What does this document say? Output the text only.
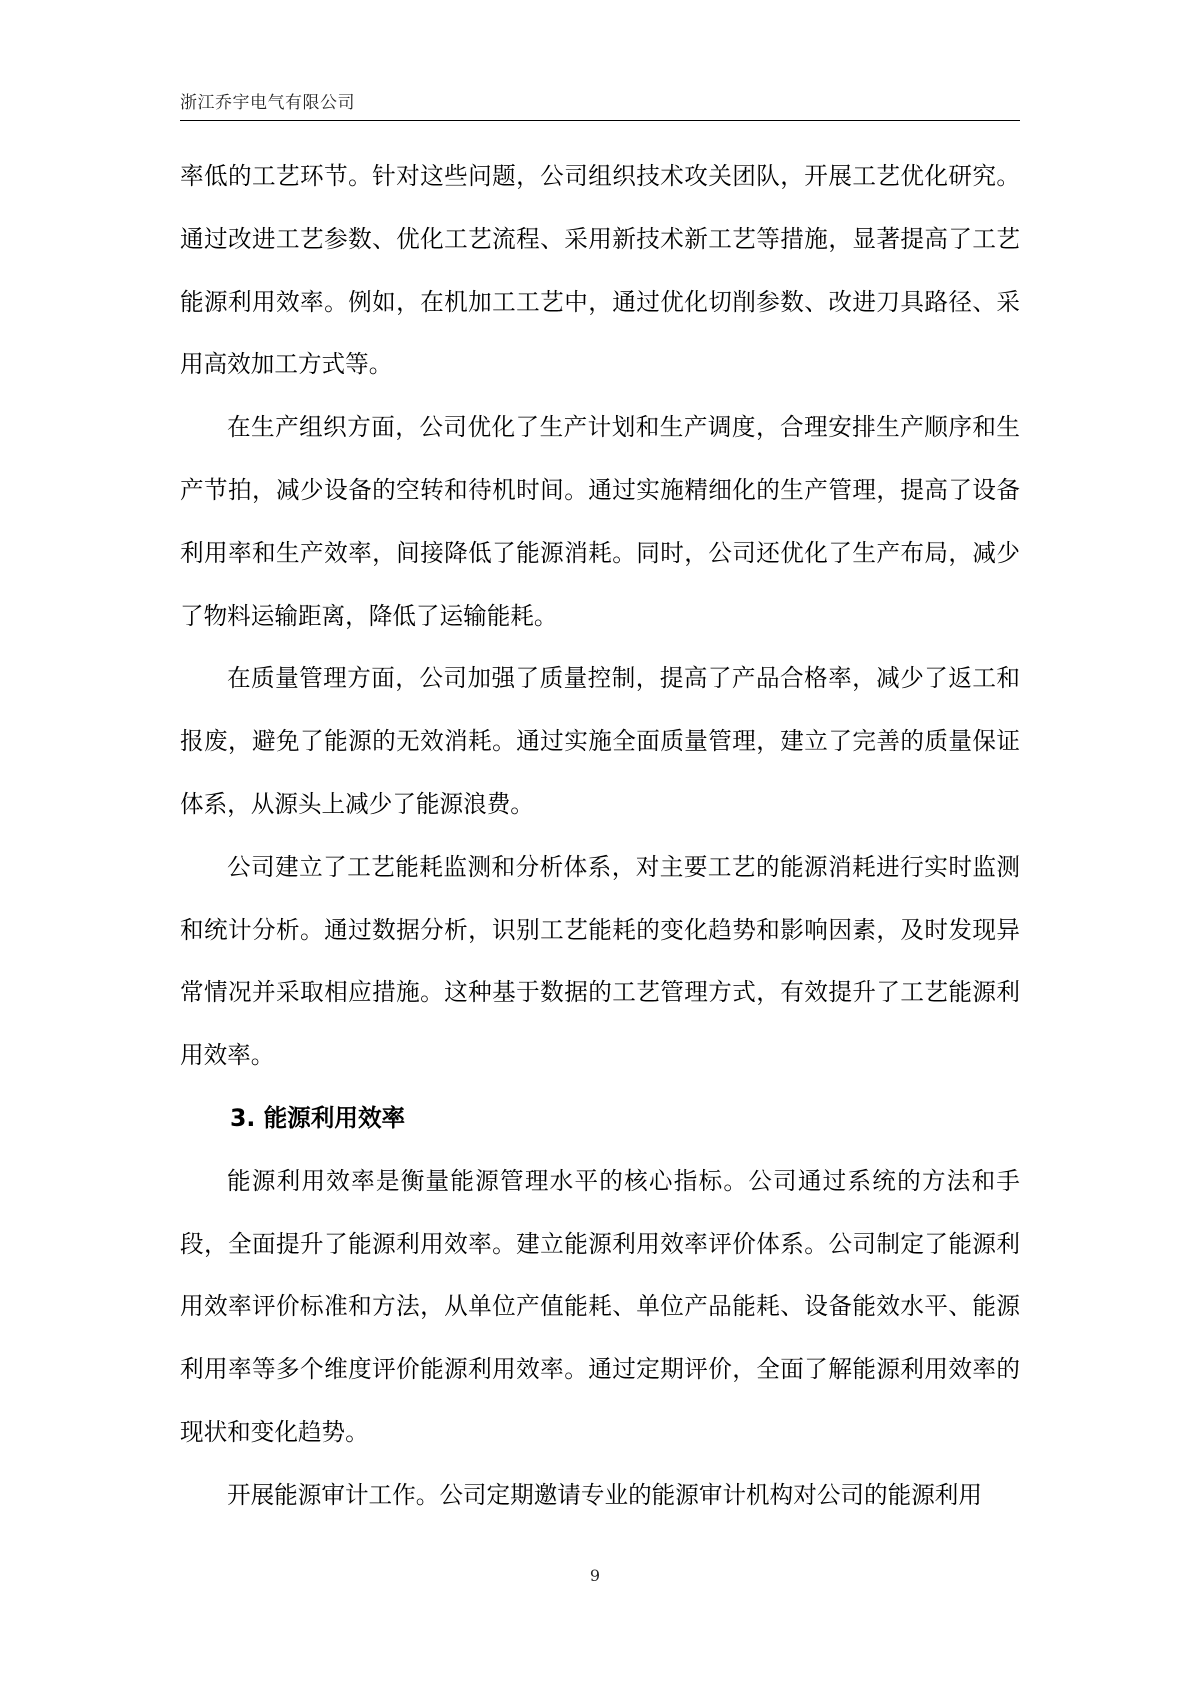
浙江乔宇电气有限公司

率低的工艺环节。针对这些问题，公司组织技术攻关团队，开展工艺优化研究。通过改进工艺参数、优化工艺流程、采用新技术新工艺等措施，显著提高了工艺能源利用效率。例如，在机加工工艺中，通过优化切削参数、改进刀具路径、采用高效加工方式等。

在生产组织方面，公司优化了生产计划和生产调度，合理安排生产顺序和生产节拍，减少设备的空转和待机时间。通过实施精细化的生产管理，提高了设备利用率和生产效率，间接降低了能源消耗。同时，公司还优化了生产布局，减少了物料运输距离，降低了运输能耗。

在质量管理方面，公司加强了质量控制，提高了产品合格率，减少了返工和报废，避免了能源的无效消耗。通过实施全面质量管理，建立了完善的质量保证体系，从源头上减少了能源浪费。

公司建立了工艺能耗监测和分析体系，对主要工艺的能源消耗进行实时监测和统计分析。通过数据分析，识别工艺能耗的变化趋势和影响因素，及时发现异常情况并采取相应措施。这种基于数据的工艺管理方式，有效提升了工艺能源利用效率。

3. 能源利用效率

能源利用效率是衡量能源管理水平的核心指标。公司通过系统的方法和手段，全面提升了能源利用效率。建立能源利用效率评价体系。公司制定了能源利用效率评价标准和方法，从单位产值能耗、单位产品能耗、设备能效水平、能源利用率等多个维度评价能源利用效率。通过定期评价，全面了解能源利用效率的现状和变化趋势。

开展能源审计工作。公司定期邀请专业的能源审计机构对公司的能源利用

9
